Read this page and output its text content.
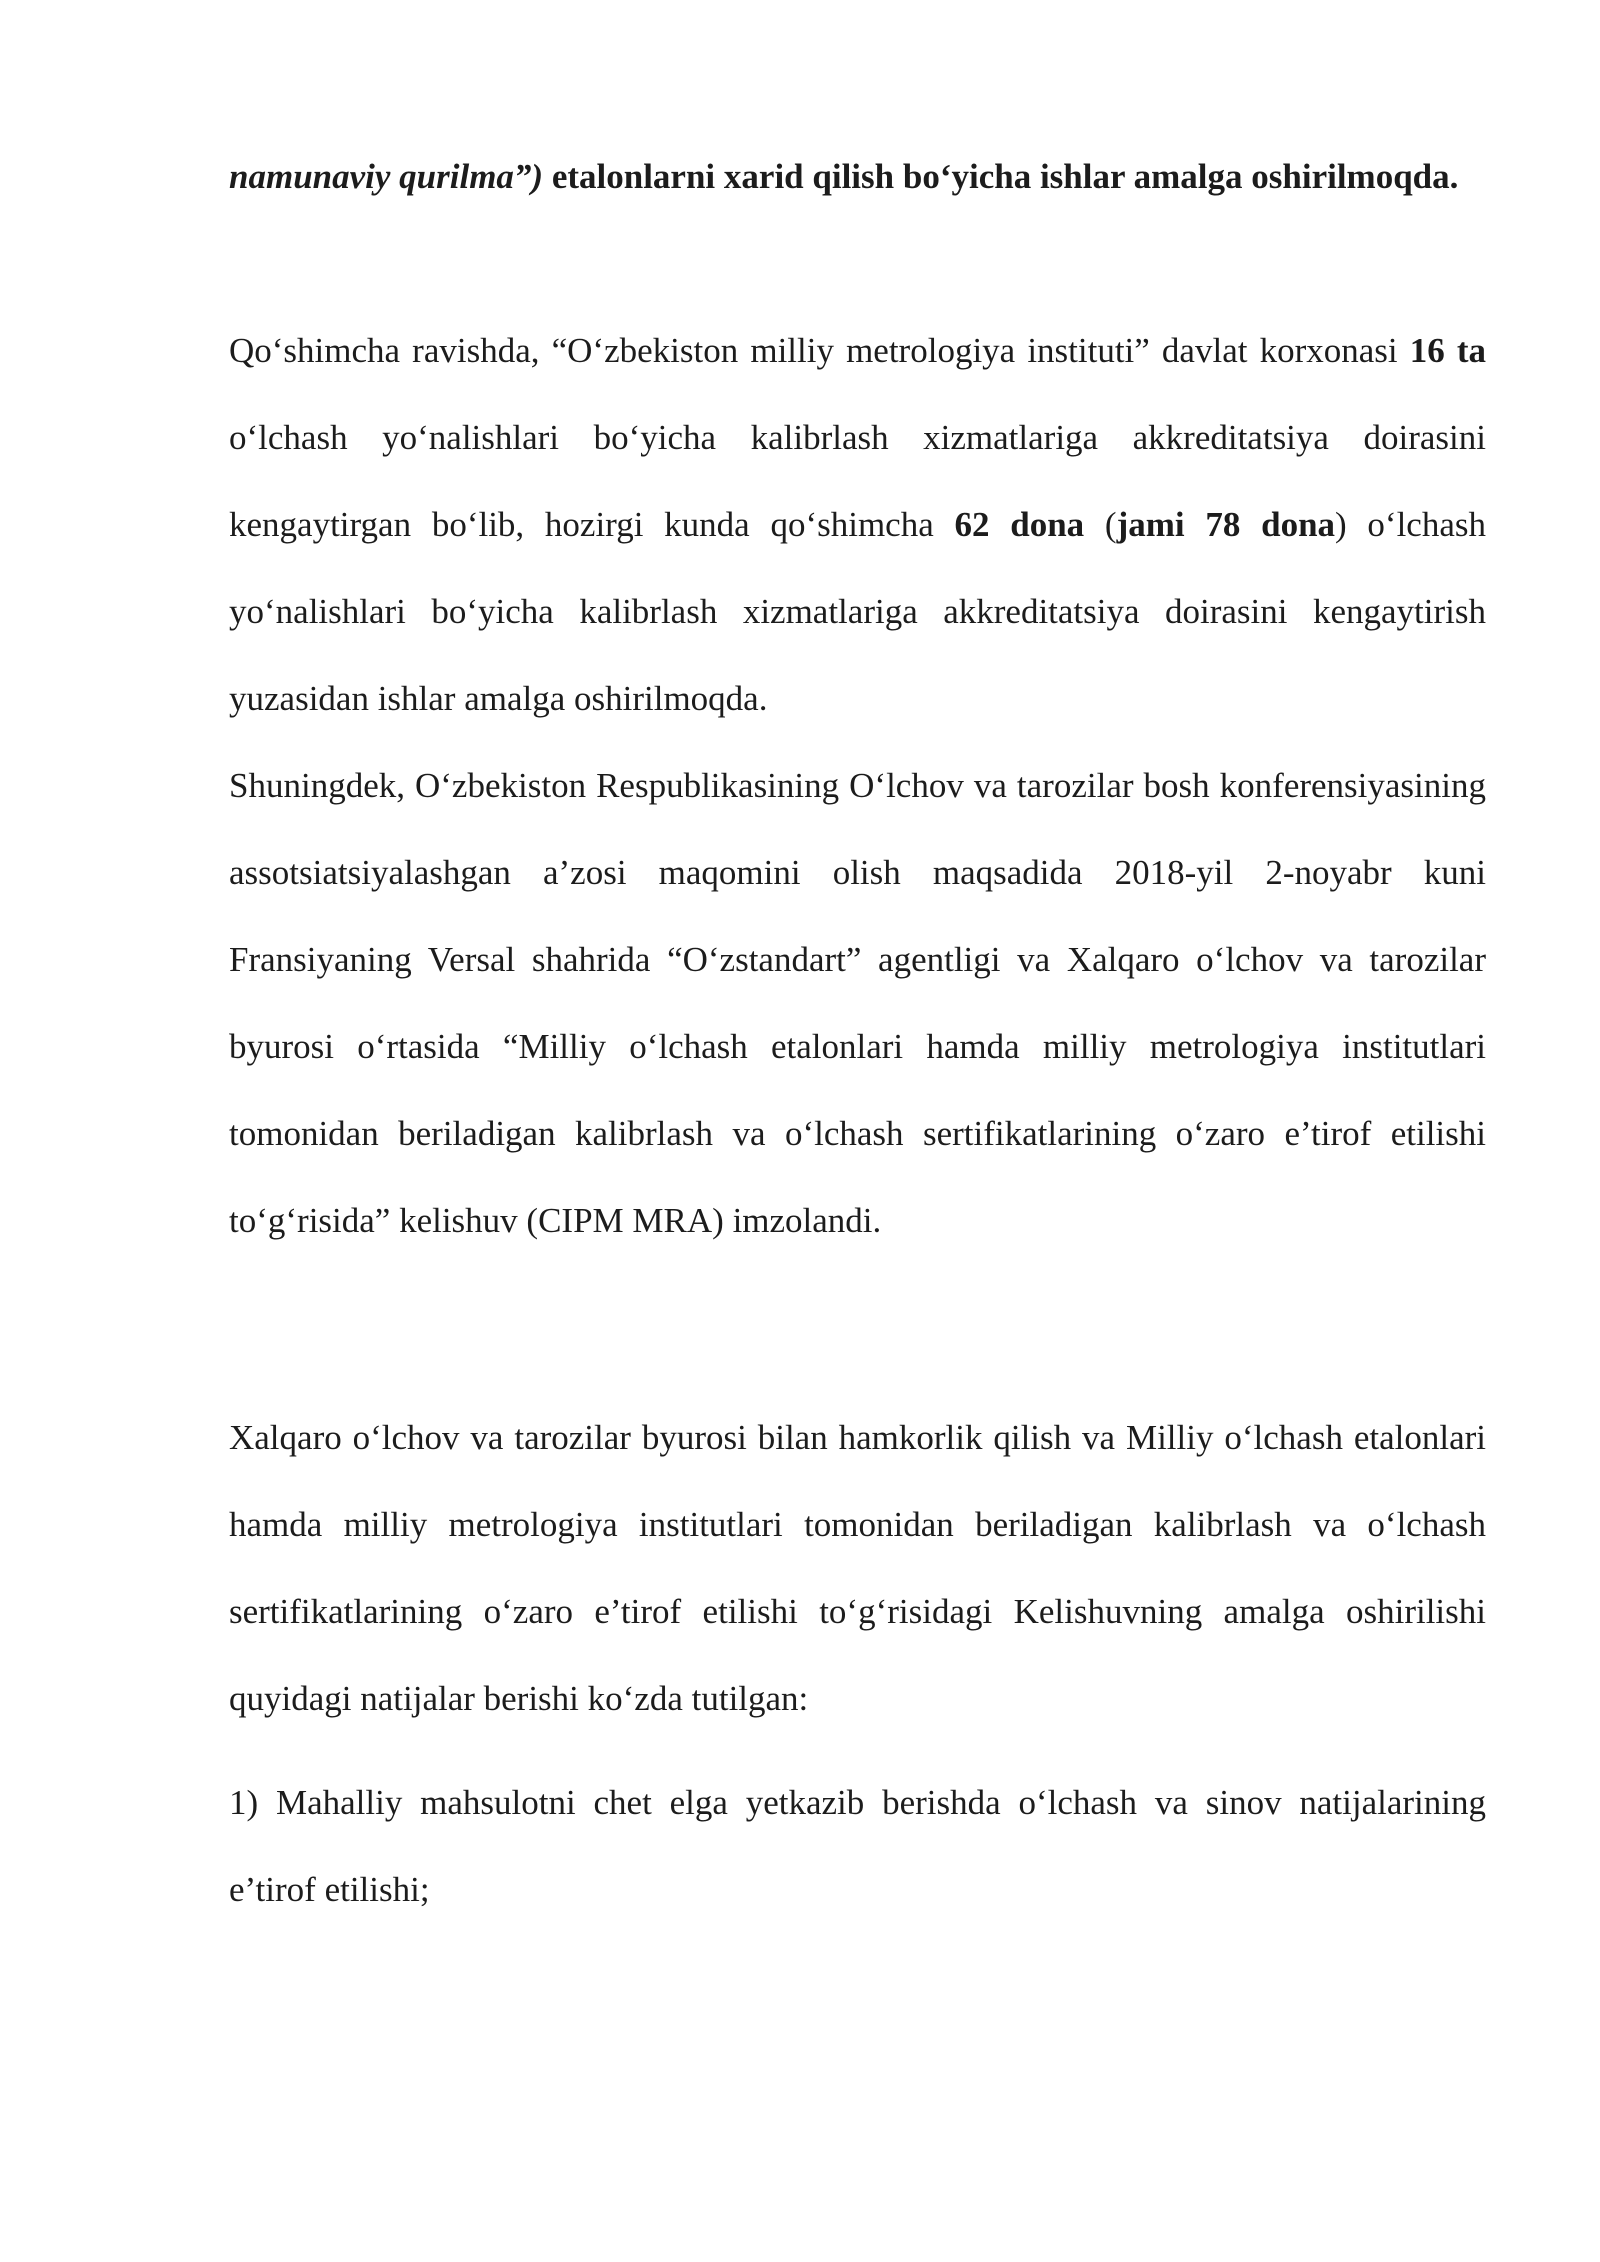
namunaviy qurilma”) etalonlarni xarid qilish bo‘yicha ishlar amalga oshirilmoqda.

Qo‘shimcha ravishda, “O‘zbekiston milliy metrologiya instituti” davlat korxonasi 16 ta o‘lchash yo‘nalishlari bo‘yicha kalibrlash xizmatlariga akkreditatsiya doirasini kengaytirgan bo‘lib, hozirgi kunda qo‘shimcha 62 dona (jami 78 dona) o‘lchash yo‘nalishlari bo‘yicha kalibrlash xizmatlariga akkreditatsiya doirasini kengaytirish yuzasidan ishlar amalga oshirilmoqda.
Shuningdek, O‘zbekiston Respublikasining O‘lchov va tarozilar bosh konferensiyasining assotsiatsiyalashgan a’zosi maqomini olish maqsadida 2018-yil 2-noyabr kuni Fransiyaning Versal shahrida “O‘zstandart” agentligi va Xalqaro o‘lchov va tarozilar byurosi o‘rtasida “Milliy o‘lchash etalonlari hamda milliy metrologiya institutlari tomonidan beriladigan kalibrlash va o‘lchash sertifikatlarining o‘zaro e’tirof etilishi to‘g‘risida” kelishuv (CIPM MRA) imzolandi.

Xalqaro o‘lchov va tarozilar byurosi bilan hamkorlik qilish va Milliy o‘lchash etalonlari hamda milliy metrologiya institutlari tomonidan beriladigan kalibrlash va o‘lchash sertifikatlarining o‘zaro e’tirof etilishi to‘g‘risidagi Kelishuvning amalga oshirilishi quyidagi natijalar berishi ko‘zda tutilgan:

1) Mahalliy mahsulotni chet elga yetkazib berishda o‘lchash va sinov natijalarining e’tirof etilishi;
